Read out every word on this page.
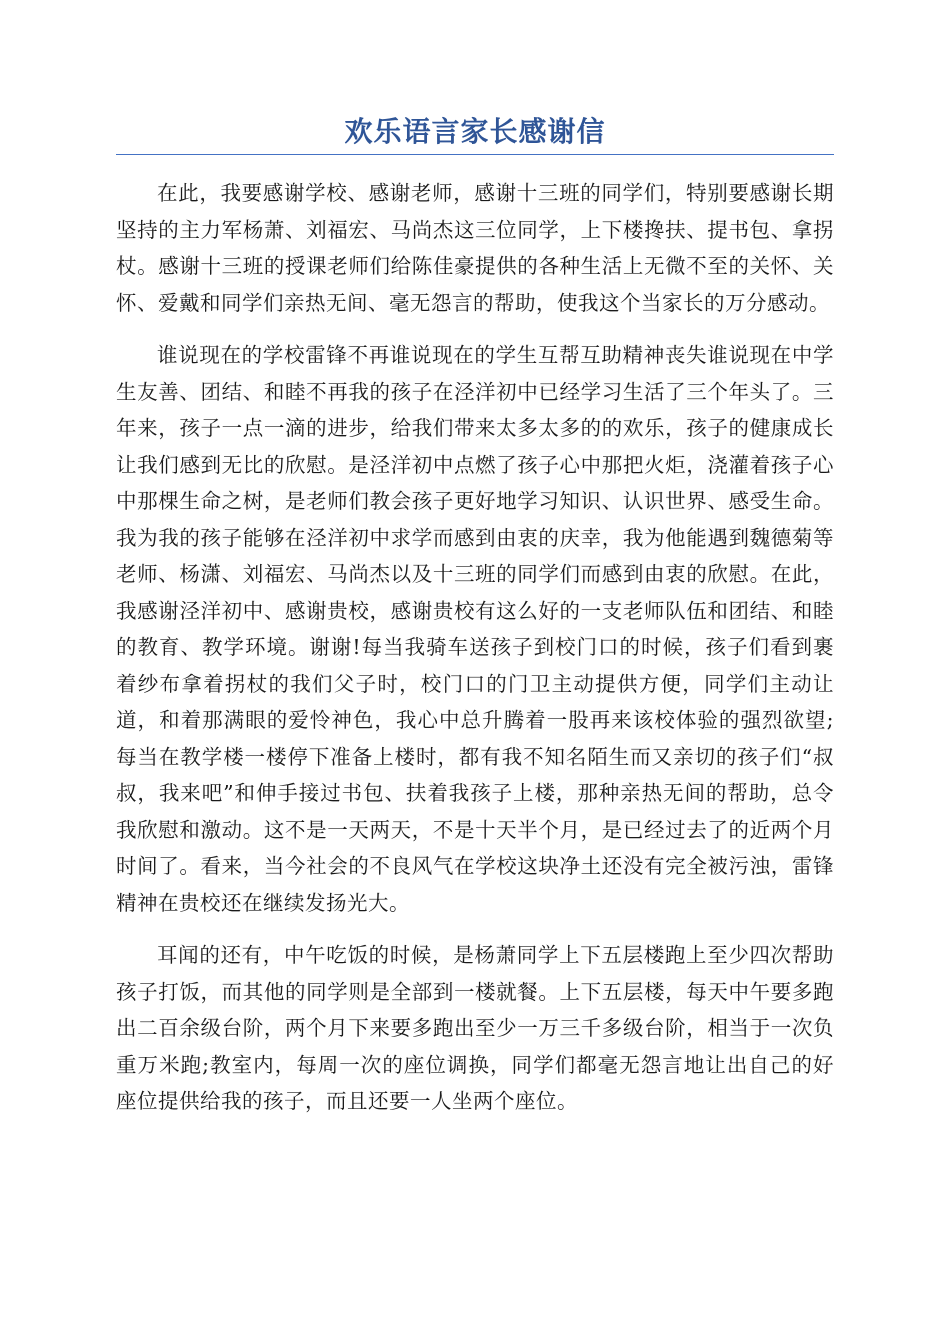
欢乐语言家长感谢信

在此，我要感谢学校、感谢老师，感谢十三班的同学们，特别要感谢长期坚持的主力军杨萧、刘福宏、马尚杰这三位同学，上下楼搀扶、提书包、拿拐杖。感谢十三班的授课老师们给陈佳豪提供的各种生活上无微不至的关怀、关怀、爱戴和同学们亲热无间、毫无怨言的帮助，使我这个当家长的万分感动。

谁说现在的学校雷锋不再谁说现在的学生互帮互助精神丧失谁说现在中学生友善、团结、和睦不再我的孩子在泾洋初中已经学习生活了三个年头了。三年来，孩子一点一滴的进步，给我们带来太多太多的的欢乐，孩子的健康成长让我们感到无比的欣慰。是泾洋初中点燃了孩子心中那把火炬，浇灌着孩子心中那棵生命之树，是老师们教会孩子更好地学习知识、认识世界、感受生命。我为我的孩子能够在泾洋初中求学而感到由衷的庆幸，我为他能遇到魏德菊等老师、杨潇、刘福宏、马尚杰以及十三班的同学们而感到由衷的欣慰。在此，我感谢泾洋初中、感谢贵校，感谢贵校有这么好的一支老师队伍和团结、和睦的教育、教学环境。谢谢!每当我骑车送孩子到校门口的时候，孩子们看到裹着纱布拿着拐杖的我们父子时，校门口的门卫主动提供方便，同学们主动让道，和着那满眼的爱怜神色，我心中总升腾着一股再来该校体验的强烈欲望;每当在教学楼一楼停下准备上楼时，都有我不知名陌生而又亲切的孩子们“叔叔，我来吧”和伸手接过书包、扶着我孩子上楼，那种亲热无间的帮助，总令我欣慰和激动。这不是一天两天，不是十天半个月，是已经过去了的近两个月时间了。看来，当今社会的不良风气在学校这块净土还没有完全被污浊，雷锋精神在贵校还在继续发扬光大。

耳闻的还有，中午吃饭的时候，是杨萧同学上下五层楼跑上至少四次帮助孩子打饭，而其他的同学则是全部到一楼就餐。上下五层楼，每天中午要多跑出二百余级台阶，两个月下来要多跑出至少一万三千多级台阶，相当于一次负重万米跑;教室内，每周一次的座位调换，同学们都毫无怨言地让出自己的好座位提供给我的孩子，而且还要一人坐两个座位。
